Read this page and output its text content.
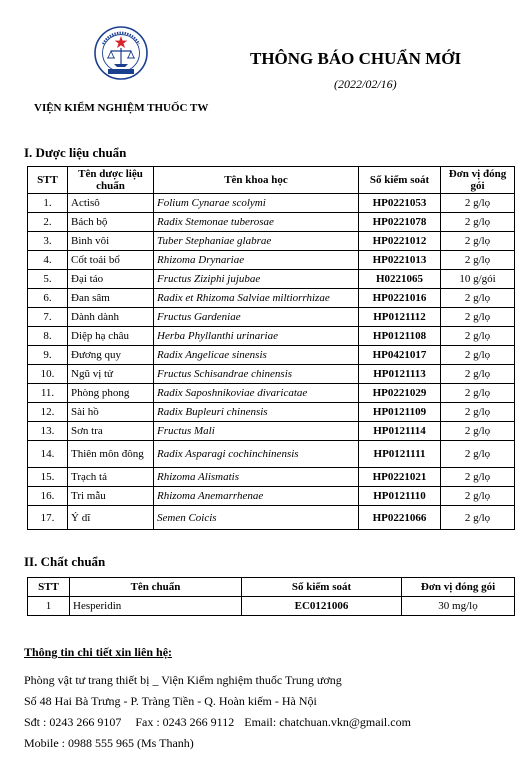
VIỆN KIỂM NGHIỆM THUỐC TW
THÔNG BÁO CHUẨN MỚI
(2022/02/16)
I. Dược liệu chuẩn
STT	Tên dược liệu chuẩn	Tên khoa học	Số kiểm soát	Đơn vị đóng gói
1.	Actisô	Folium Cynarae scolymi	HP0221053	2 g/lọ
2.	Bách bộ	Radix Stemonae tuberosae	HP0221078	2 g/lọ
3.	Bình vôi	Tuber Stephaniae glabrae	HP0221012	2 g/lọ
4.	Cốt toái bổ	Rhizoma Drynariae	HP0221013	2 g/lọ
5.	Đại táo	Fructus Ziziphi jujubae	H0221065	10 g/gói
6.	Đan sâm	Radix et Rhizoma Salviae miltiorrhizae	HP0221016	2 g/lọ
7.	Dành dành	Fructus Gardeniae	HP0121112	2 g/lọ
8.	Diệp hạ châu	Herba Phyllanthi urinariae	HP0121108	2 g/lọ
9.	Đương quy	Radix Angelicae sinensis	HP0421017	2 g/lọ
10.	Ngũ vị tử	Fructus Schisandrae chinensis	HP0121113	2 g/lọ
11.	Phòng phong	Radix Saposhnikoviae divaricatae	HP0221029	2 g/lọ
12.	Sài hồ	Radix Bupleuri chinensis	HP0121109	2 g/lọ
13.	Sơn tra	Fructus Mali	HP0121114	2 g/lọ
14.	Thiên môn đông	Radix Asparagi cochinchinensis	HP0121111	2 g/lọ
15.	Trạch tả	Rhizoma Alismatis	HP0221021	2 g/lọ
16.	Tri mẫu	Rhizoma Anemarrhenae	HP0121110	2 g/lọ
17.	Ý dĩ	Semen Coicis	HP0221066	2 g/lọ
II. Chất chuẩn
STT	Tên chuẩn	Số kiểm soát	Đơn vị đóng gói
1	Hesperidin	EC0121006	30 mg/lọ
Thông tin chi tiết xin liên hệ:
Phòng vật tư trang thiết bị _ Viện Kiểm nghiệm thuốc Trung ương
Số 48 Hai Bà Trưng - P. Tràng Tiền - Q. Hoàn kiếm - Hà Nội
Sđt : 0243 266 9107 Fax : 0243 266 9112 Email: chatchuan.vkn@gmail.com
Mobile : 0988 555 965 (Ms Thanh)
